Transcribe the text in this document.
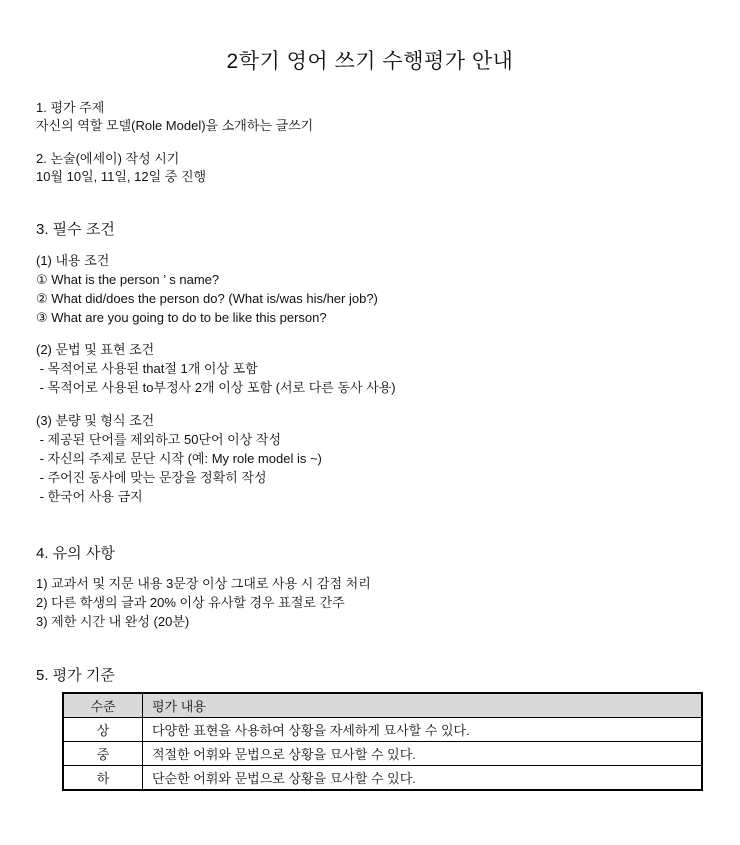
2학기 영어 쓰기 수행평가 안내
1. 평가 주제
자신의 역할 모델(Role Model)을 소개하는 글쓰기
2. 논술(에세이) 작성 시기
10월 10일, 11일, 12일 중 진행
3. 필수 조건
(1) 내용 조건
① What is the person ’ s name?
② What did/does the person do? (What is/was his/her job?)
③ What are you going to do to be like this person?
(2) 문법 및 표현 조건
- 목적어로 사용된 that절 1개 이상 포함
- 목적어로 사용된 to부정사 2개 이상 포함 (서로 다른 동사 사용)
(3) 분량 및 형식 조건
- 제공된 단어를 제외하고 50단어 이상 작성
- 자신의 주제로 문단 시작 (예: My role model is ~)
- 주어진 동사에 맞는 문장을 정확히 작성
- 한국어 사용 금지
4. 유의 사항
1) 교과서 및 지문 내용 3문장 이상 그대로 사용 시 감점 처리
2) 다른 학생의 글과 20% 이상 유사할 경우 표절로 간주
3) 제한 시간 내 완성 (20분)
5. 평가 기준
수준	평가 내용
상	다양한 표현을 사용하여 상황을 자세하게 묘사할 수 있다.
중	적절한 어휘와 문법으로 상황을 묘사할 수 있다.
하	단순한 어휘와 문법으로 상황을 묘사할 수 있다.
